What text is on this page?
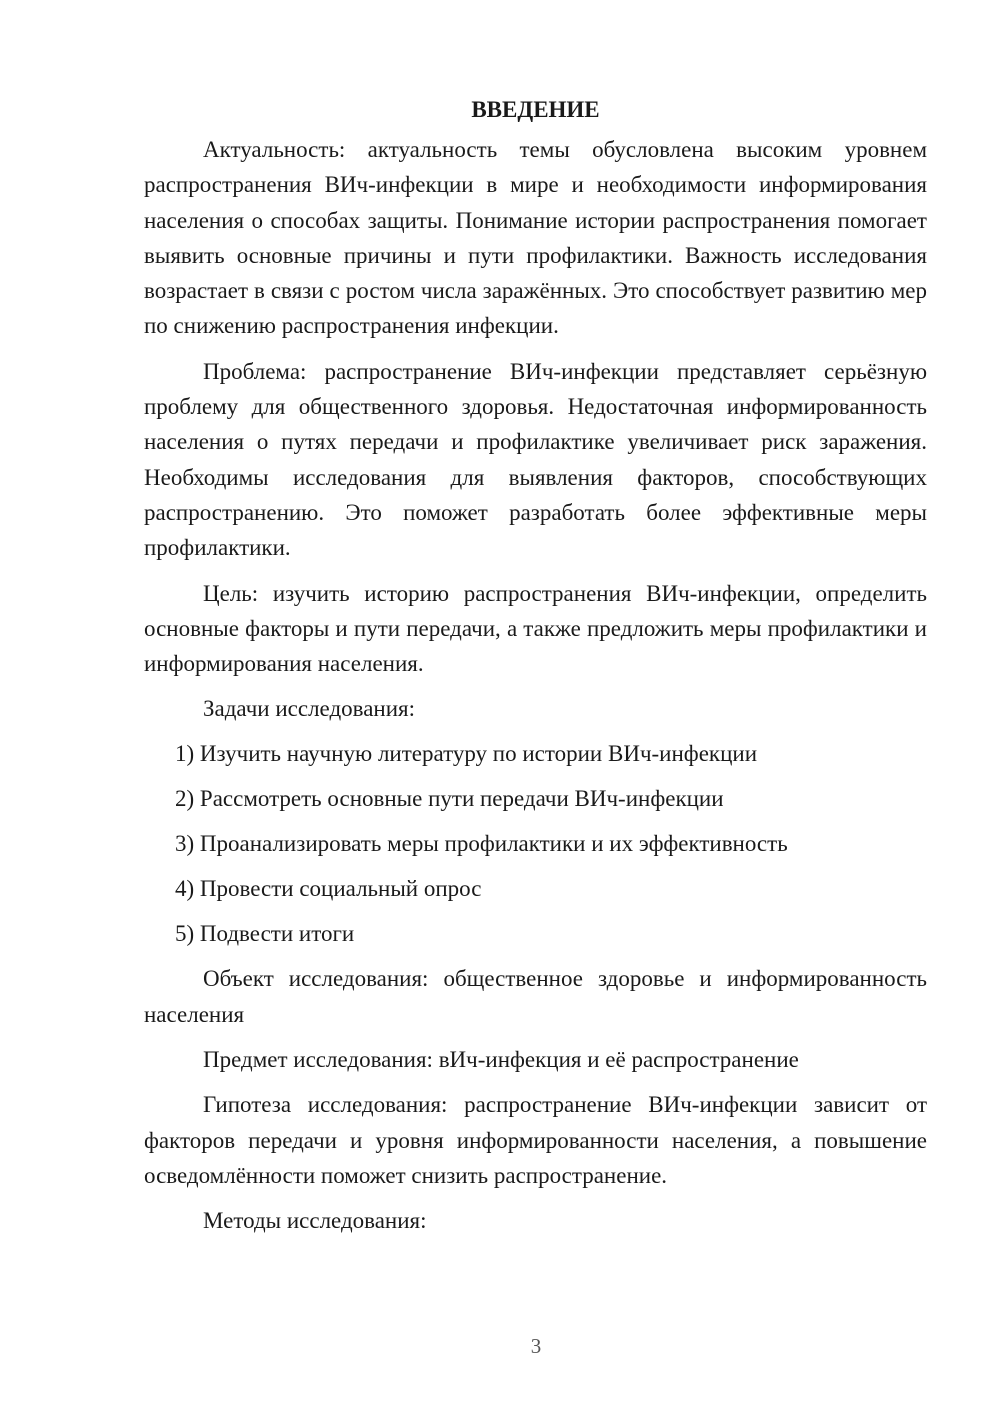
ВВЕДЕНИЕ

Актуальность: актуальность темы обусловлена высоким уровнем распространения ВИч-инфекции в мире и необходимости информирования населения о способах защиты. Понимание истории распространения помогает выявить основные причины и пути профилактики. Важность исследования возрастает в связи с ростом числа заражённых. Это способствует развитию мер по снижению распространения инфекции.

Проблема: распространение ВИч-инфекции представляет серьёзную проблему для общественного здоровья. Недостаточная информированность населения о путях передачи и профилактике увеличивает риск заражения. Необходимы исследования для выявления факторов, способствующих распространению. Это поможет разработать более эффективные меры профилактики.

Цель: изучить историю распространения ВИч-инфекции, определить основные факторы и пути передачи, а также предложить меры профилактики и информирования населения.

Задачи исследования:
1) Изучить научную литературу по истории ВИч-инфекции
2) Рассмотреть основные пути передачи ВИч-инфекции
3) Проанализировать меры профилактики и их эффективность
4) Провести социальный опрос
5) Подвести итоги

Объект исследования: общественное здоровье и информированность населения

Предмет исследования: вИч-инфекция и её распространение

Гипотеза исследования: распространение ВИч-инфекции зависит от факторов передачи и уровня информированности населения, а повышение осведомлённости поможет снизить распространение.

Методы исследования:

3
